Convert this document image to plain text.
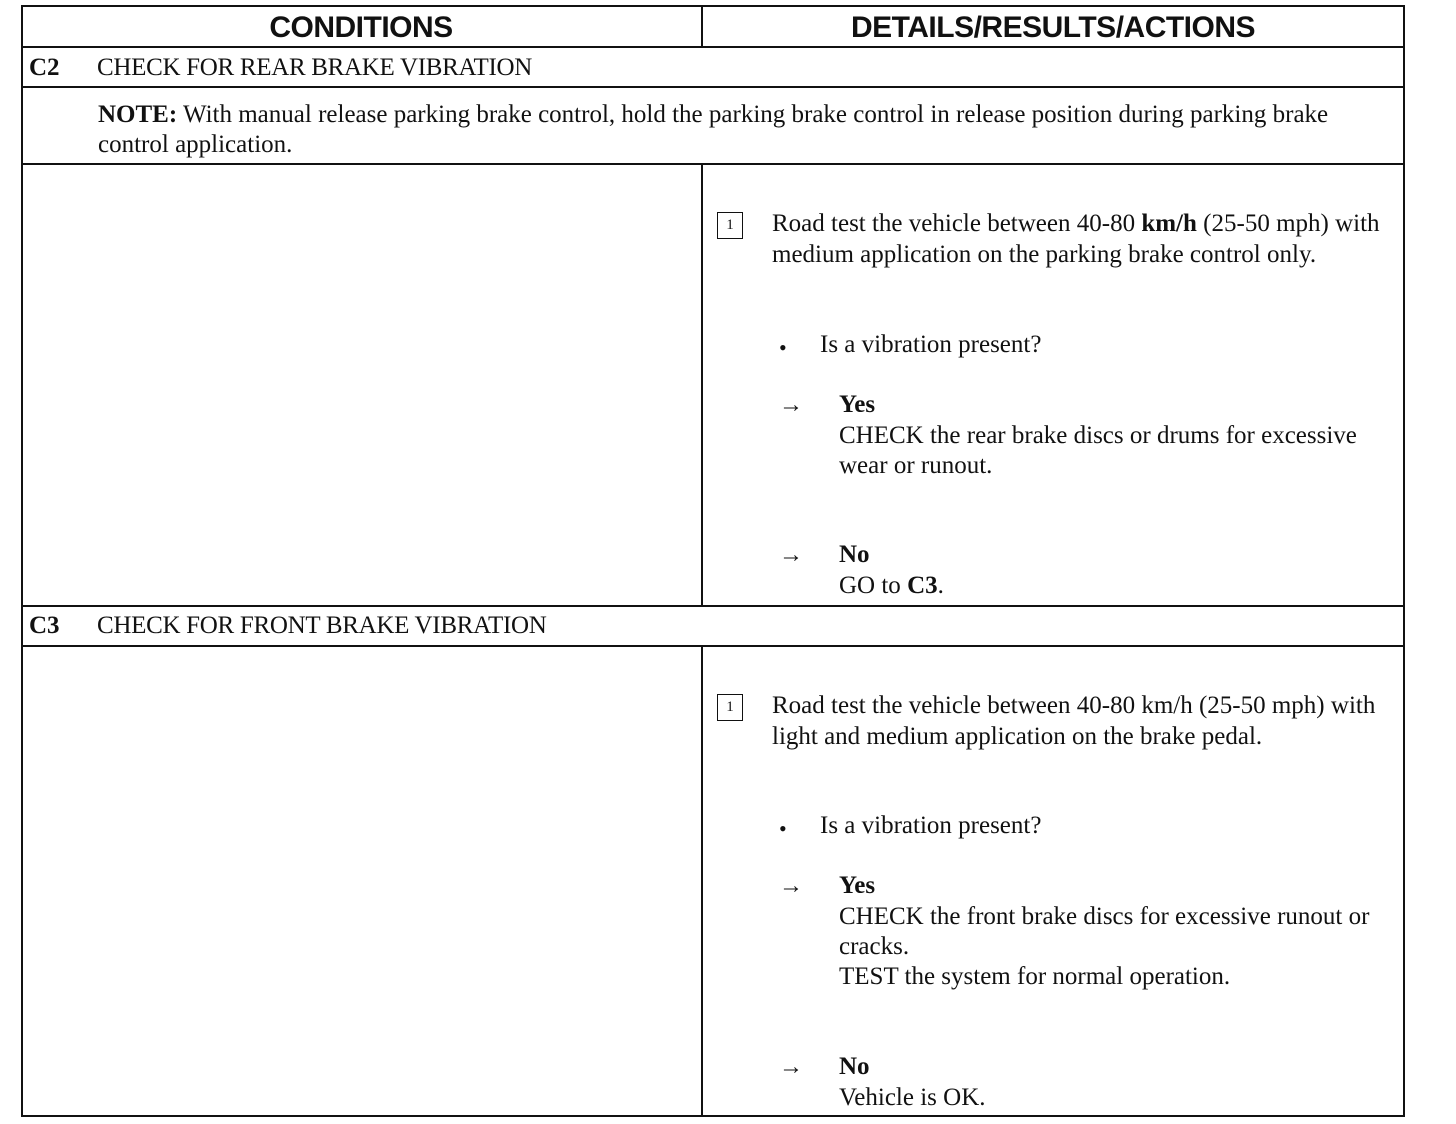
CONDITIONS	DETAILS/RESULTS/ACTIONS
C2 CHECK FOR REAR BRAKE VIBRATION
NOTE: With manual release parking brake control, hold the parking brake control in release position during parking brake control application.
1	Road test the vehicle between 40-80 km/h (25-50 mph) with medium application on the parking brake control only.
• Is a vibration present?
→ Yes
CHECK the rear brake discs or drums for excessive wear or runout.
→ No
GO to C3.
C3 CHECK FOR FRONT BRAKE VIBRATION
1	Road test the vehicle between 40-80 km/h (25-50 mph) with light and medium application on the brake pedal.
• Is a vibration present?
→ Yes
CHECK the front brake discs for excessive runout or cracks.
TEST the system for normal operation.
→ No
Vehicle is OK.
